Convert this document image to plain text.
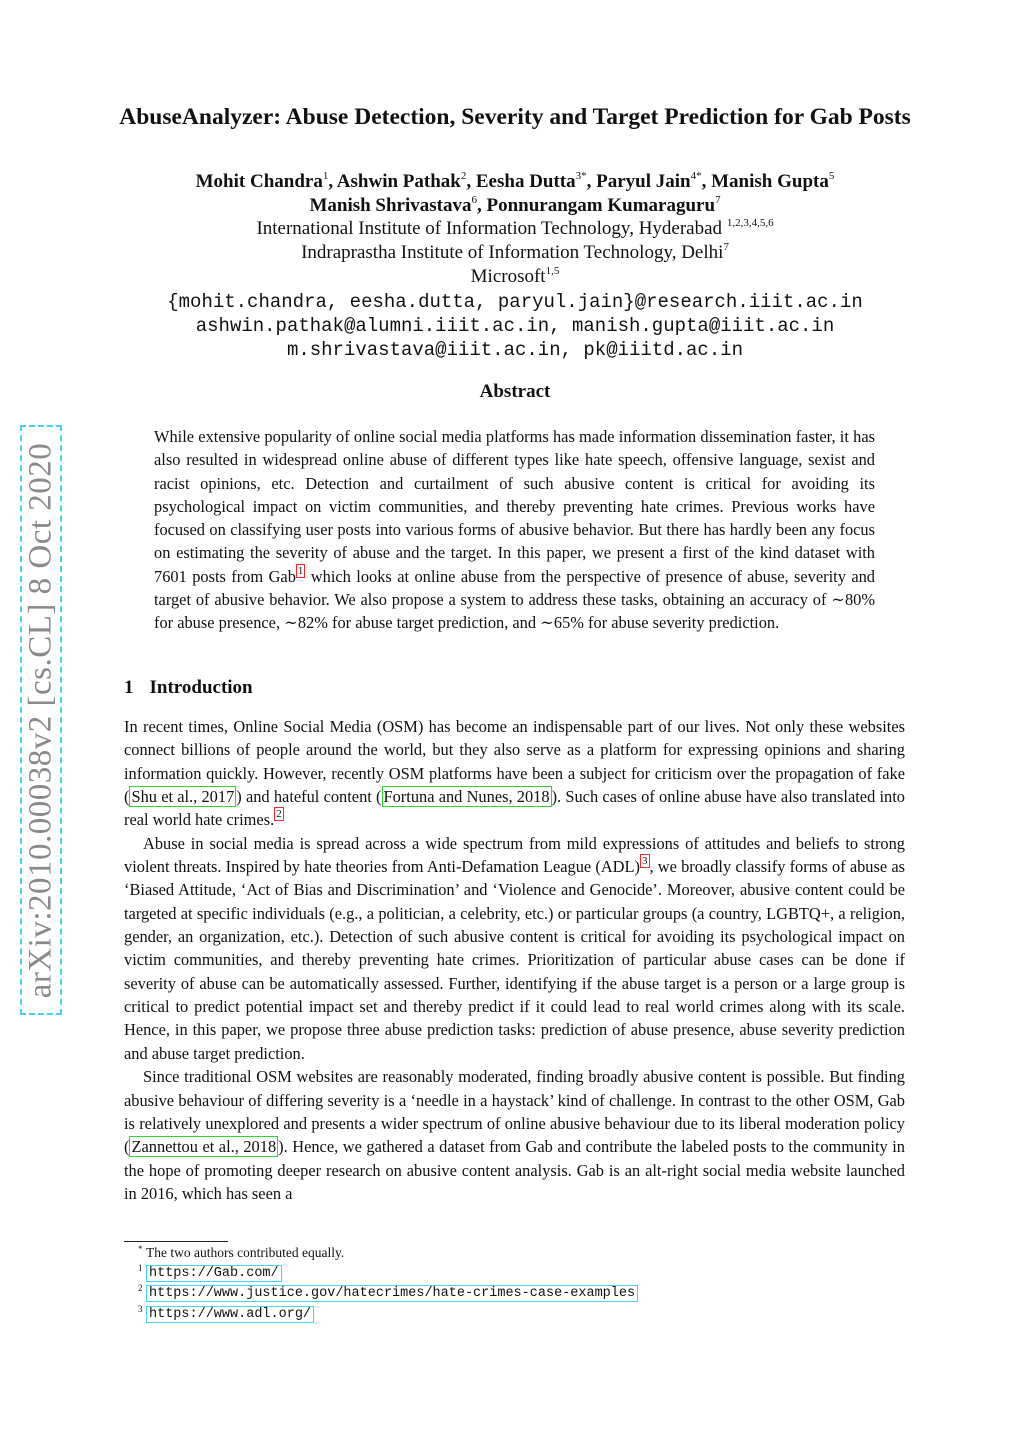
arXiv:2010.00038v2 [cs.CL] 8 Oct 2020
AbuseAnalyzer: Abuse Detection, Severity and Target Prediction for Gab Posts
Mohit Chandra$^1$, Ashwin Pathak$^2$, Eesha Dutta$^{3*}$, Paryul Jain$^{4*}$, Manish Gupta$^5$
Manish Shrivastava$^6$, Ponnurangam Kumaraguru$^7$
International Institute of Information Technology, Hyderabad $^{1,2,3,4,5,6}$
Indraprastha Institute of Information Technology, Delhi$^7$
Microsoft$^{1,5}$
{mohit.chandra, eesha.dutta, paryul.jain}@research.iiit.ac.in
ashwin.pathak@alumni.iiit.ac.in, manish.gupta@iiit.ac.in
m.shrivastava@iiit.ac.in, pk@iiitd.ac.in
Abstract
While extensive popularity of online social media platforms has made information dissemination faster, it has also resulted in widespread online abuse of different types like hate speech, offensive language, sexist and racist opinions, etc. Detection and curtailment of such abusive content is critical for avoiding its psychological impact on victim communities, and thereby preventing hate crimes. Previous works have focused on classifying user posts into various forms of abusive behavior. But there has hardly been any focus on estimating the severity of abuse and the target. In this paper, we present a first of the kind dataset with 7601 posts from Gab $^1$ which looks at online abuse from the perspective of presence of abuse, severity and target of abusive behavior. We also propose a system to address these tasks, obtaining an accuracy of ∼80% for abuse presence, ∼82% for abuse target prediction, and ∼65% for abuse severity prediction.
1 Introduction

In recent times, Online Social Media (OSM) has become an indispensable part of our lives. Not only these websites connect billions of people around the world, but they also serve as a platform for expressing opinions and sharing information quickly. However, recently OSM platforms have been a subject for criticism over the propagation of fake ( Shu et al., 2017 ) and hateful content ( Fortuna and Nunes, 2018 ). Such cases of online abuse have also translated into real world hate crimes. $^2$

Abuse in social media is spread across a wide spectrum from mild expressions of attitudes and beliefs to strong violent threats. Inspired by hate theories from Anti-Defamation League (ADL) $^3$ , we broadly classify forms of abuse as ‘Biased Attitude, ‘Act of Bias and Discrimination’ and ‘Violence and Genocide’. Moreover, abusive content could be targeted at specific individuals (e.g., a politician, a celebrity, etc.) or particular groups (a country, LGBTQ+, a religion, gender, an organization, etc.). Detection of such abusive content is critical for avoiding its psychological impact on victim communities, and thereby preventing hate crimes. Prioritization of particular abuse cases can be done if severity of abuse can be automatically assessed. Further, identifying if the abuse target is a person or a large group is critical to predict potential impact set and thereby predict if it could lead to real world crimes along with its scale. Hence, in this paper, we propose three abuse prediction tasks: prediction of abuse presence, abuse severity prediction and abuse target prediction.

Since traditional OSM websites are reasonably moderated, finding broadly abusive content is possible. But finding abusive behaviour of differing severity is a ‘needle in a haystack’ kind of challenge. In contrast to the other OSM, Gab is relatively unexplored and presents a wider spectrum of online abusive behaviour due to its liberal moderation policy ( Zannettou et al., 2018 ). Hence, we gathered a dataset from Gab and contribute the labeled posts to the community in the hope of promoting deeper research on abusive content analysis. Gab is an alt-right social media website launched in 2016, which has seen a

* The two authors contributed equally.
1 https://Gab.com/
2 https://www.justice.gov/hatecrimes/hate-crimes-case-examples
3 https://www.adl.org/
